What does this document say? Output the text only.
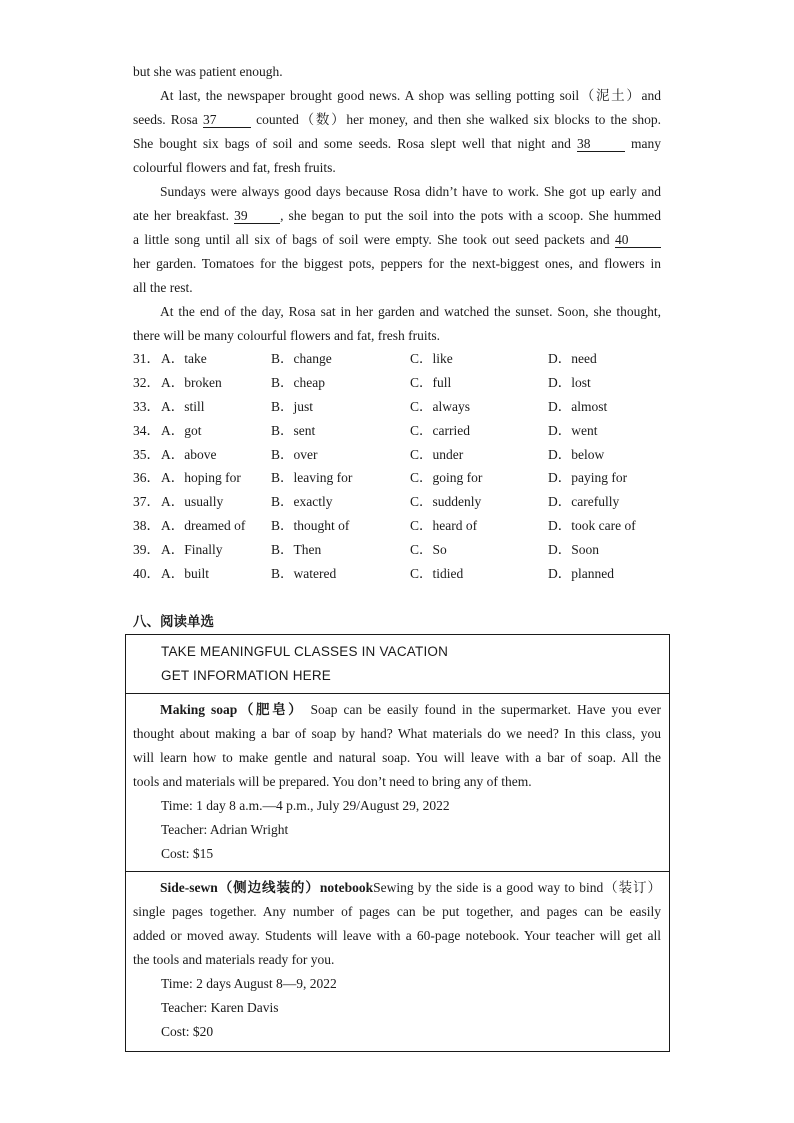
but she was patient enough.

At last, the newspaper brought good news. A shop was selling potting soil（泥土）and
seeds. Rosa 37	counted（数）her money, and then she walked six blocks to the shop.
She bought six bags of soil and some seeds. Rosa slept well that night and 38	many
colourful flowers and fat, fresh fruits.
Sundays were always good days because Rosa didn’t have to work. She got up early and
ate her breakfast. 39 , she began to put the soil into the pots with a scoop. She hummed
a little song until all six of bags of soil were empty. She took out seed packets and 40
her garden. Tomatoes for the biggest pots, peppers for the next-biggest ones, and flowers in
all the rest.
At the end of the day, Rosa sat in her garden and watched the sunset. Soon, she thought,
there will be many colourful flowers and fat, fresh fruits.
31． A．take	B．change	C．like	D．need
32． A．broken	B．cheap	C．full	D．lost
33． A．still	B．just	C．always	D．almost
34． A．got	B．sent	C．carried	D．went
35． A．above	B．over	C．under	D．below
36． A．hoping for B．leaving for	C．going for	D．paying for
37． A．usually	B．exactly	C．suddenly	D．carefully
38． A．dreamed of B．thought of	C．heard of	D．took care of
39． A．Finally	B．Then	C．So	D．Soon
40． A．built	B．watered	C．tidied	D．planned
八、阅读单选
TAKE MEANINGFUL CLASSES IN VACATION
GET INFORMATION HERE
Making soap（肥皂） Soap can be easily found in the supermarket. Have you ever
thought about making a bar of soap by hand? What materials do we need? In this class, you
will learn how to make gentle and natural soap. You will leave with a bar of soap. All the
tools and materials will be prepared. You don’t need to bring any of them.
Time: 1 day 8 a.m.—4 p.m., July 29/August 29, 2022
Teacher: Adrian Wright
Cost: $15
Side-sewn（侧边线装的）notebookSewing by the side is a good way to bind（装订）
single pages together. Any number of pages can be put together, and pages can be easily
added or moved away. Students will leave with a 60-page notebook. Your teacher will get all
the tools and materials ready for you.
Time: 2 days August 8—9, 2022
Teacher: Karen Davis
Cost: $20
